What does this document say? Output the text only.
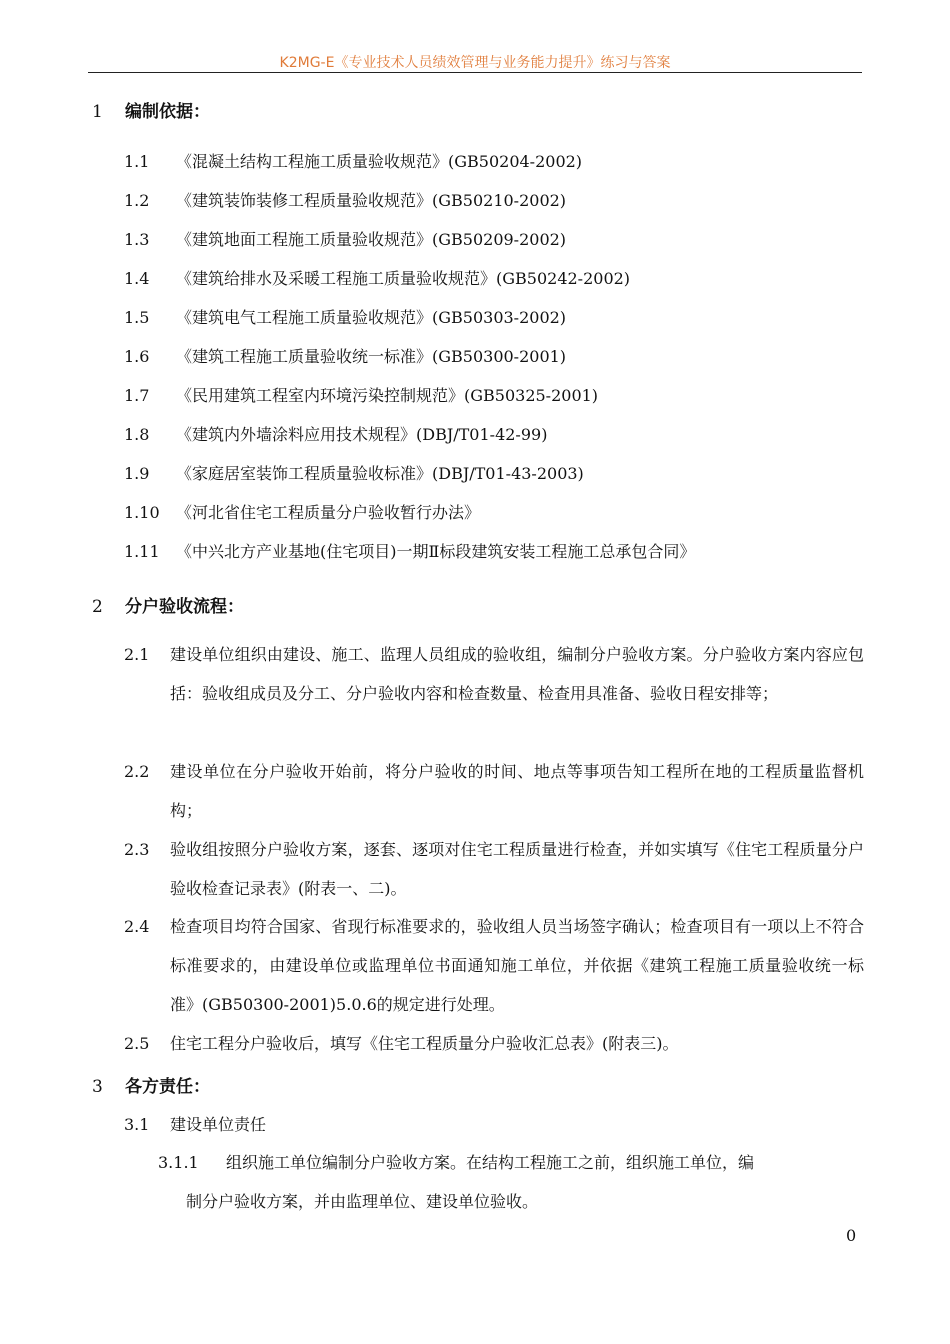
K2MG-E《专业技术人员绩效管理与业务能力提升》练习与答案
1 编制依据：
1.1 《混凝土结构工程施工质量验收规范》(GB50204-2002)
1.2 《建筑装饰装修工程质量验收规范》(GB50210-2002)
1.3 《建筑地面工程施工质量验收规范》(GB50209-2002)
1.4 《建筑给排水及采暖工程施工质量验收规范》(GB50242-2002)
1.5 《建筑电气工程施工质量验收规范》(GB50303-2002)
1.6 《建筑工程施工质量验收统一标准》(GB50300-2001)
1.7 《民用建筑工程室内环境污染控制规范》(GB50325-2001)
1.8 《建筑内外墙涂料应用技术规程》(DBJ/T01-42-99)
1.9 《家庭居室装饰工程质量验收标准》(DBJ/T01-43-2003)
1.10 《河北省住宅工程质量分户验收暂行办法》
1.11 《中兴北方产业基地(住宅项目)一期Ⅱ标段建筑安装工程施工总承包合同》
2 分户验收流程：
2.1	建设单位组织由建设、施工、监理人员组成的验收组，编制分户验收方案。分户验收方案内容应包括：验收组成员及分工、分户验收内容和检查数量、检查用具准备、验收日程安排等；
2.2	建设单位在分户验收开始前，将分户验收的时间、地点等事项告知工程所在地的工程质量监督机构；
2.3	验收组按照分户验收方案，逐套、逐项对住宅工程质量进行检查，并如实填写《住宅工程质量分户验收检查记录表》(附表一、二)。
2.4	检查项目均符合国家、省现行标准要求的，验收组人员当场签字确认；检查项目有一项以上不符合标准要求的，由建设单位或监理单位书面通知施工单位，并依据《建筑工程施工质量验收统一标准》(GB50300-2001)5.0.6的规定进行处理。
2.5	住宅工程分户验收后，填写《住宅工程质量分户验收汇总表》(附表三)。
3 各方责任：
3.1 建设单位责任
3.1.1	组织施工单位编制分户验收方案。在结构工程施工之前，组织施工单位，编
制分户验收方案，并由监理单位、建设单位验收。
0
